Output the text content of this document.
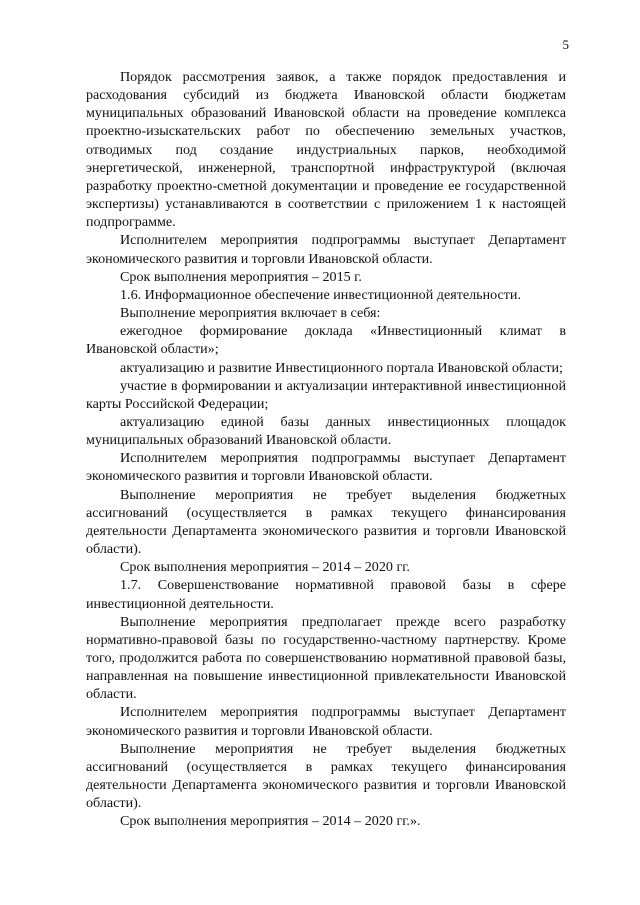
5

Порядок рассмотрения заявок, а также порядок предоставления и расходования субсидий из бюджета Ивановской области бюджетам муниципальных образований Ивановской области на проведение комплекса проектно-изыскательских работ по обеспечению земельных участков, отводимых под создание индустриальных парков, необходимой энергетической, инженерной, транспортной инфраструктурой (включая разработку проектно-сметной документации и проведение ее государственной экспертизы) устанавливаются в соответствии с приложением 1 к настоящей подпрограмме.

Исполнителем мероприятия подпрограммы выступает Департамент экономического развития и торговли Ивановской области.

Срок выполнения мероприятия – 2015 г.

1.6. Информационное обеспечение инвестиционной деятельности.

Выполнение мероприятия включает в себя:

ежегодное формирование доклада «Инвестиционный климат в Ивановской области»;

актуализацию и развитие Инвестиционного портала Ивановской области;

участие в формировании и актуализации интерактивной инвестиционной карты Российской Федерации;

актуализацию единой базы данных инвестиционных площадок муниципальных образований Ивановской области.

Исполнителем мероприятия подпрограммы выступает Департамент экономического развития и торговли Ивановской области.

Выполнение мероприятия не требует выделения бюджетных ассигнований (осуществляется в рамках текущего финансирования деятельности Департамента экономического развития и торговли Ивановской области).

Срок выполнения мероприятия – 2014 – 2020 гг.

1.7. Совершенствование нормативной правовой базы в сфере инвестиционной деятельности.

Выполнение мероприятия предполагает прежде всего разработку нормативно-правовой базы по государственно-частному партнерству. Кроме того, продолжится работа по совершенствованию нормативной правовой базы, направленная на повышение инвестиционной привлекательности Ивановской области.

Исполнителем мероприятия подпрограммы выступает Департамент экономического развития и торговли Ивановской области.

Выполнение мероприятия не требует выделения бюджетных ассигнований (осуществляется в рамках текущего финансирования деятельности Департамента экономического развития и торговли Ивановской области).

Срок выполнения мероприятия – 2014 – 2020 гг.».
